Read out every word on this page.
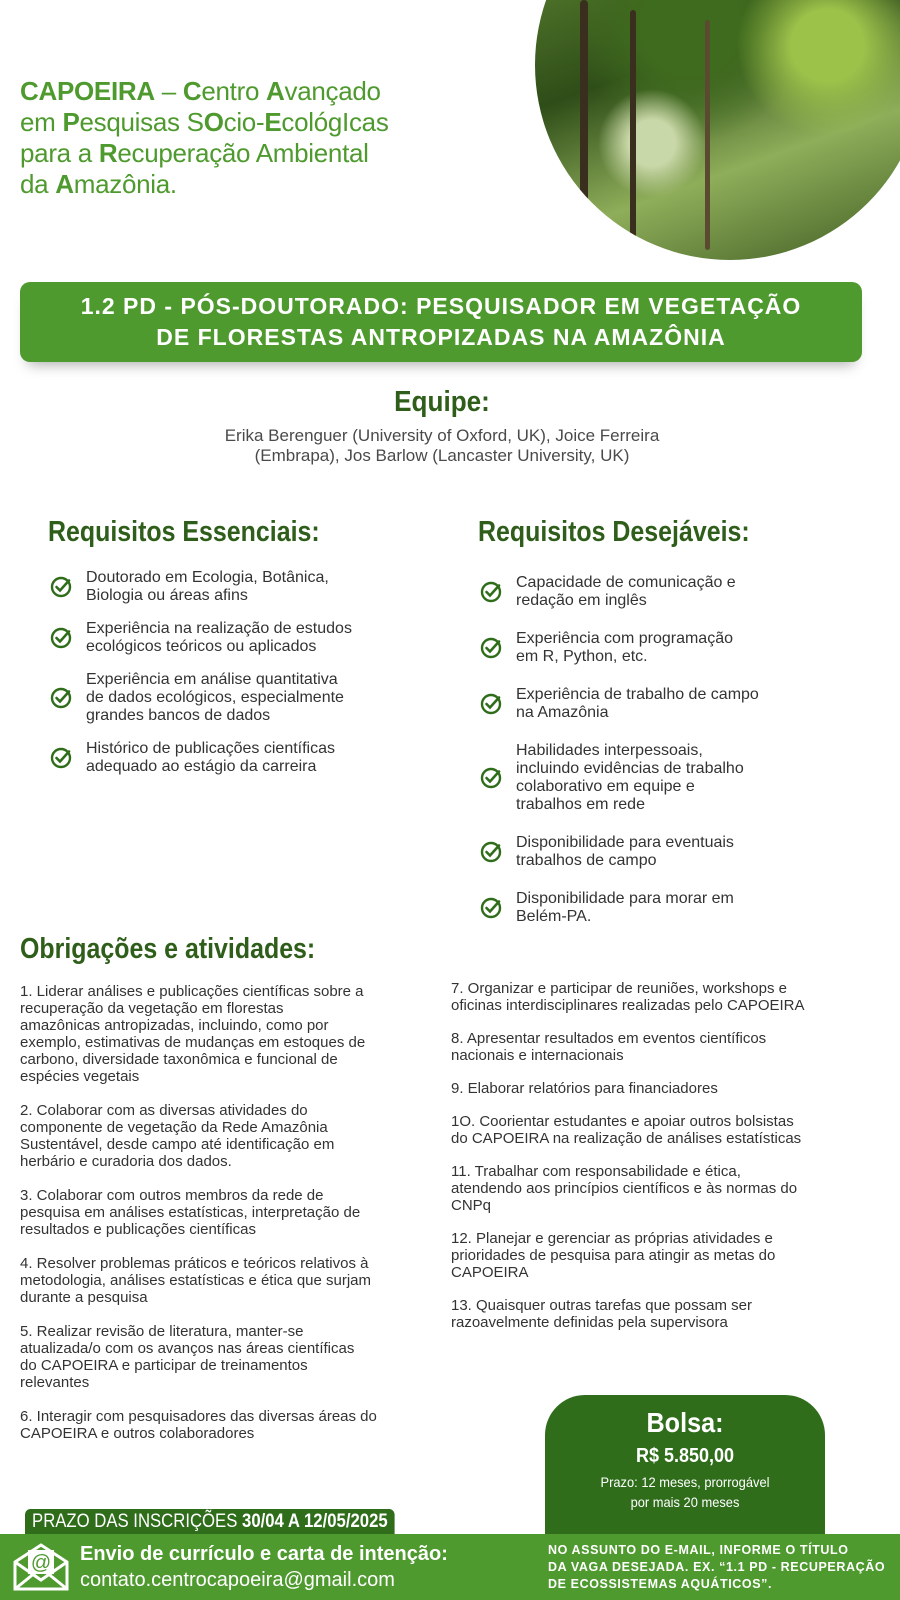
CAPOEIRA – Centro Avançado
em Pesquisas SOcio-EcológIcas
para a Recuperação Ambiental
da Amazônia.
1.2 PD - PÓS-DOUTORADO: PESQUISADOR EM VEGETAÇÃO
DE FLORESTAS ANTROPIZADAS NA AMAZÔNIA
Equipe:
Erika Berenguer (University of Oxford, UK), Joice Ferreira
(Embrapa), Jos Barlow (Lancaster University, UK)
Requisitos Essenciais:	Requisitos Desejáveis:
Doutorado em Ecologia, Botânica,
Biologia ou áreas afins
Experiência na realização de estudos
ecológicos teóricos ou aplicados
Experiência em análise quantitativa
de dados ecológicos, especialmente
grandes bancos de dados
Histórico de publicações científicas
adequado ao estágio da carreira
Capacidade de comunicação e
redação em inglês
Experiência com programação
em R, Python, etc.
Experiência de trabalho de campo
na Amazônia
Habilidades interpessoais,
incluindo evidências de trabalho
colaborativo em equipe e
trabalhos em rede
Disponibilidade para eventuais
trabalhos de campo
Disponibilidade para morar em
Belém-PA.
Obrigações e atividades:
1. Liderar análises e publicações científicas sobre a
recuperação da vegetação em florestas
amazônicas antropizadas, incluindo, como por
exemplo, estimativas de mudanças em estoques de
carbono, diversidade taxonômica e funcional de
espécies vegetais
2. Colaborar com as diversas atividades do
componente de vegetação da Rede Amazônia
Sustentável, desde campo até identificação em
herbário e curadoria dos dados.
3. Colaborar com outros membros da rede de
pesquisa em análises estatísticas, interpretação de
resultados e publicações científicas
4. Resolver problemas práticos e teóricos relativos à
metodologia, análises estatísticas e ética que surjam
durante a pesquisa
5. Realizar revisão de literatura, manter-se
atualizada/o com os avanços nas áreas científicas
do CAPOEIRA e participar de treinamentos
relevantes
6. Interagir com pesquisadores das diversas áreas do
CAPOEIRA e outros colaboradores
7. Organizar e participar de reuniões, workshops e
oficinas interdisciplinares realizadas pelo CAPOEIRA
8. Apresentar resultados em eventos científicos
nacionais e internacionais
9. Elaborar relatórios para financiadores
1O. Coorientar estudantes e apoiar outros bolsistas
do CAPOEIRA na realização de análises estatísticas
11. Trabalhar com responsabilidade e ética,
atendendo aos princípios científicos e às normas do
CNPq
12. Planejar e gerenciar as próprias atividades e
prioridades de pesquisa para atingir as metas do
CAPOEIRA
13. Quaisquer outras tarefas que possam ser
razoavelmente definidas pela supervisora
Bolsa:
R$ 5.850,00
Prazo: 12 meses, prorrogável
por mais 20 meses
PRAZO DAS INSCRIÇÕES 30/04 A 12/05/2025
@ Envio de currículo e carta de intenção:
contato.centrocapoeira@gmail.com
NO ASSUNTO DO E-MAIL, INFORME O TÍTULO
DA VAGA DESEJADA. EX. “1.1 PD - RECUPERAÇÃO
DE ECOSSISTEMAS AQUÁTICOS”.
